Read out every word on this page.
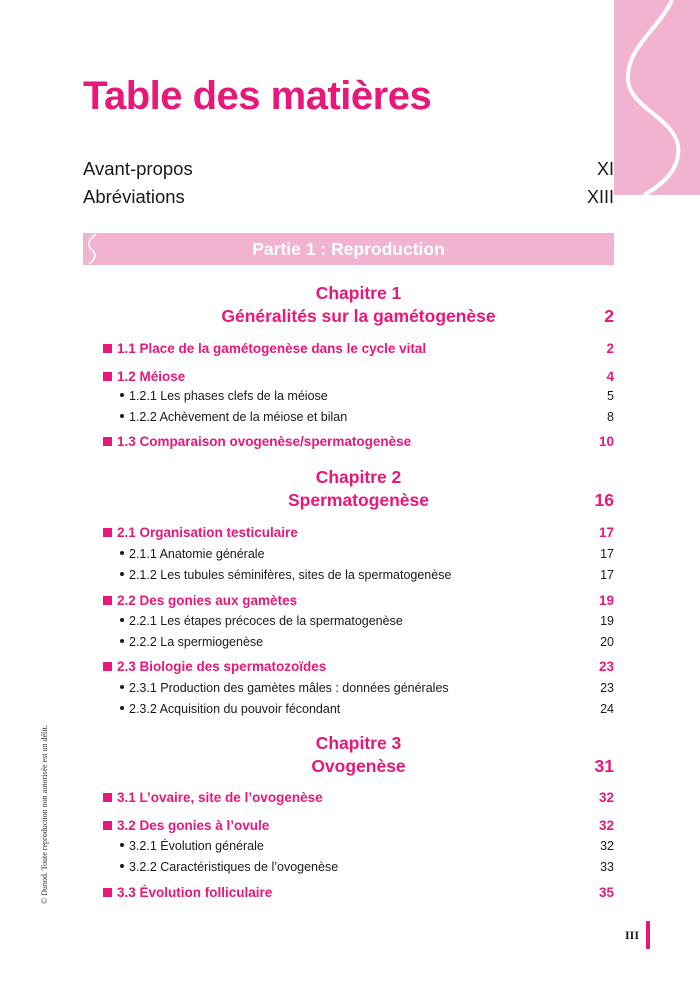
Table des matières
Avant-propos	XI
Abréviations	XIII
Partie 1 : Reproduction
Chapitre 1
Généralités sur la gamétogenèse	2
1.1 Place de la gamétogenèse dans le cycle vital	2
1.2 Méiose	4
1.2.1 Les phases clefs de la méiose	5
1.2.2 Achèvement de la méiose et bilan	8
1.3 Comparaison ovogenèse/spermatogenèse	10
Chapitre 2
Spermatogenèse	16
2.1 Organisation testiculaire	17
2.1.1 Anatomie générale	17
2.1.2 Les tubules séminifères, sites de la spermatogenèse	17
2.2 Des gonies aux gamètes	19
2.2.1 Les étapes précoces de la spermatogenèse	19
2.2.2 La spermiogenèse	20
2.3 Biologie des spermatozoïdes	23
2.3.1 Production des gamètes mâles : données générales	23
2.3.2 Acquisition du pouvoir fécondant	24
Chapitre 3
Ovogenèse	31
3.1 L’ovaire, site de l’ovogenèse	32
3.2 Des gonies à l’ovule	32
3.2.1 Évolution générale	32
3.2.2 Caractéristiques de l’ovogenèse	33
3.3 Évolution folliculaire	35
© Dunod. Toute reproduction non autorisée est un délit.
III
